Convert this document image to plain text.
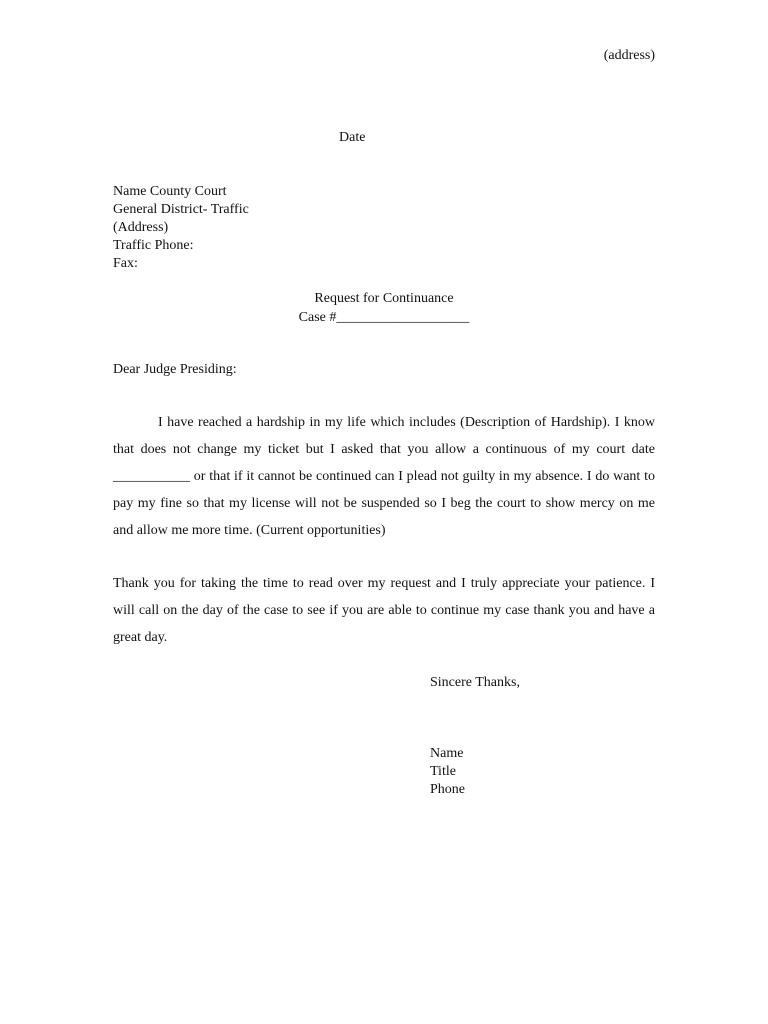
(address)
Date
Name County Court
General District- Traffic
(Address)
Traffic Phone:
Fax:
Request for Continuance
Case #___________________
Dear Judge Presiding:
I have reached a hardship in my life which includes (Description of Hardship). I know that does not change my ticket but I asked that you allow a continuous of my court date ___________ or that if it cannot be continued can I plead not guilty in my absence. I do want to pay my fine so that my license will not be suspended so I beg the court to show mercy on me and allow me more time. (Current opportunities)
Thank you for taking the time to read over my request and I truly appreciate your patience. I will call on the day of the case to see if you are able to continue my case thank you and have a great day.
Sincere Thanks,
Name
Title
Phone
